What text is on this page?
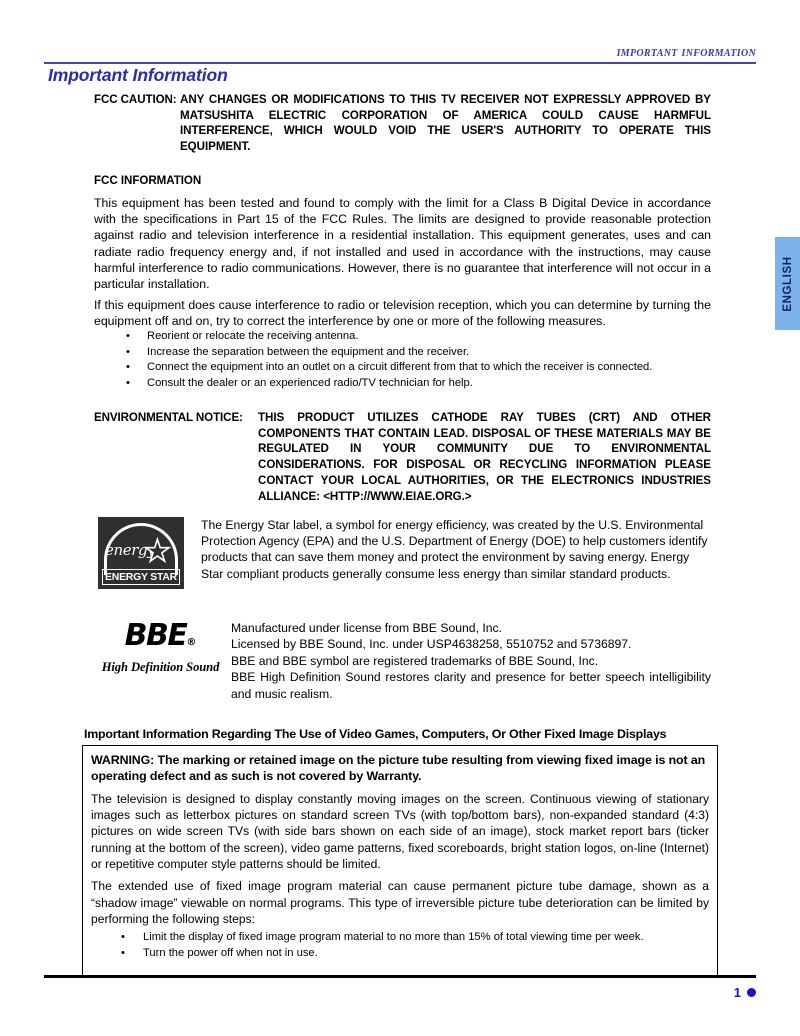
important information
Important Information
ENGLISH
FCC CAUTION: ANY CHANGES OR MODIFICATIONS TO THIS TV RECEIVER NOT EXPRESSLY APPROVED BY MATSUSHITA ELECTRIC CORPORATION OF AMERICA COULD CAUSE HARMFUL INTERFERENCE, WHICH WOULD VOID THE USER'S AUTHORITY TO OPERATE THIS EQUIPMENT.
FCC INFORMATION
This equipment has been tested and found to comply with the limit for a Class B Digital Device in accordance with the specifications in Part 15 of the FCC Rules. The limits are designed to provide reasonable protection against radio and television interference in a residential installation. This equipment generates, uses and can radiate radio frequency energy and, if not installed and used in accordance with the instructions, may cause harmful interference to radio communications. However, there is no guarantee that interference will not occur in a particular installation.
If this equipment does cause interference to radio or television reception, which you can determine by turning the equipment off and on, try to correct the interference by one or more of the following measures.
•	Reorient or relocate the receiving antenna.
•	Increase the separation between the equipment and the receiver.
•	Connect the equipment into an outlet on a circuit different from that to which the receiver is connected.
•	Consult the dealer or an experienced radio/TV technician for help.
ENVIRONMENTAL NOTICE: THIS PRODUCT UTILIZES CATHODE RAY TUBES (CRT) AND OTHER COMPONENTS THAT CONTAIN LEAD. DISPOSAL OF THESE MATERIALS MAY BE REGULATED IN YOUR COMMUNITY DUE TO ENVIRONMENTAL CONSIDERATIONS. FOR DISPOSAL OR RECYCLING INFORMATION PLEASE CONTACT YOUR LOCAL AUTHORITIES, OR THE ELECTRONICS INDUSTRIES ALLIANCE: <HTTP://WWW.EIAE.ORG.>
energy
★
ENERGY STAR
The Energy Star label, a symbol for energy efficiency, was created by the U.S. Environmental Protection Agency (EPA) and the U.S. Department of Energy (DOE) to help customers identify products that can save them money and protect the environment by saving energy. Energy Star compliant products generally consume less energy than similar standard products.
BBE®
High Definition Sound
Manufactured under license from BBE Sound, Inc.
Licensed by BBE Sound, Inc. under USP4638258, 5510752 and 5736897.
BBE and BBE symbol are registered trademarks of BBE Sound, Inc.
BBE High Definition Sound restores clarity and presence for better speech intelligibility and music realism.
Important Information Regarding The Use of Video Games, Computers, Or Other Fixed Image Displays
WARNING: The marking or retained image on the picture tube resulting from viewing fixed image is not an operating defect and as such is not covered by Warranty.
The television is designed to display constantly moving images on the screen. Continuous viewing of stationary images such as letterbox pictures on standard screen TVs (with top/bottom bars), non-expanded standard (4:3) pictures on wide screen TVs (with side bars shown on each side of an image), stock market report bars (ticker running at the bottom of the screen), video game patterns, fixed scoreboards, bright station logos, on-line (Internet) or repetitive computer style patterns should be limited.
The extended use of fixed image program material can cause permanent picture tube damage, shown as a “shadow image” viewable on normal programs. This type of irreversible picture tube deterioration can be limited by performing the following steps:
•	Limit the display of fixed image program material to no more than 15% of total viewing time per week.
•	Turn the power off when not in use.
1
